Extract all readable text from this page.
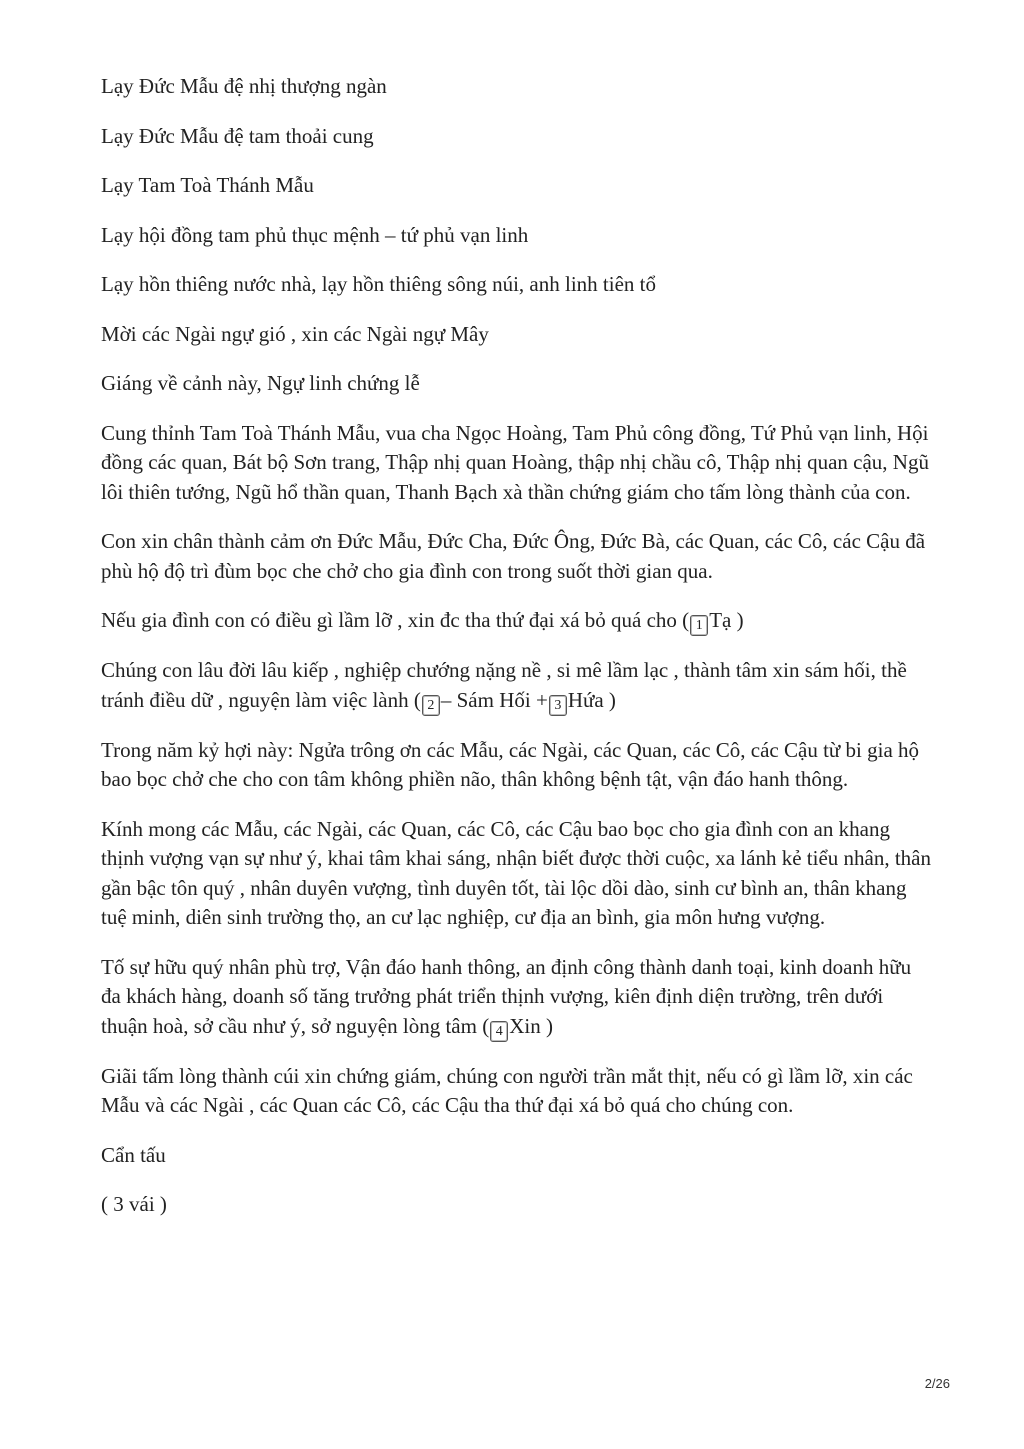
Lạy Đức Mẫu đệ nhị thượng ngàn

Lạy Đức Mẫu đệ tam thoải cung

Lạy Tam Toà Thánh Mẫu

Lạy hội đồng tam phủ thục mệnh – tứ phủ vạn linh

Lạy hồn thiêng nước nhà, lạy hồn thiêng sông núi, anh linh tiên tổ

Mời các Ngài ngự gió , xin các Ngài ngự Mây

Giáng về cảnh này, Ngự linh chứng lễ

Cung thỉnh Tam Toà Thánh Mẫu, vua cha Ngọc Hoàng, Tam Phủ công đồng, Tứ Phủ vạn linh, Hội đồng các quan, Bát bộ Sơn trang, Thập nhị quan Hoàng, thập nhị chầu cô, Thập nhị quan cậu, Ngũ lôi thiên tướng, Ngũ hổ thần quan, Thanh Bạch xà thần chứng giám cho tấm lòng thành của con.

Con xin chân thành cảm ơn Đức Mẫu, Đức Cha, Đức Ông, Đức Bà, các Quan, các Cô, các Cậu đã phù hộ độ trì đùm bọc che chở cho gia đình con trong suốt thời gian qua.

Nếu gia đình con có điều gì lầm lỡ , xin đc tha thứ đại xá bỏ quá cho ( 1 Tạ )

Chúng con lâu đời lâu kiếp , nghiệp chướng nặng nề , si mê lầm lạc , thành tâm xin sám hối, thề tránh điều dữ , nguyện làm việc lành ( 2 – Sám Hối + 3 Hứa )

Trong năm kỷ hợi này: Ngửa trông ơn các Mẫu, các Ngài, các Quan, các Cô, các Cậu từ bi gia hộ bao bọc chở che cho con tâm không phiền não, thân không bệnh tật, vận đáo hanh thông.

Kính mong các Mẫu, các Ngài, các Quan, các Cô, các Cậu bao bọc cho gia đình con an khang thịnh vượng vạn sự như ý, khai tâm khai sáng, nhận biết được thời cuộc, xa lánh kẻ tiểu nhân, thân gần bậc tôn quý , nhân duyên vượng, tình duyên tốt, tài lộc dồi dào, sinh cư bình an, thân khang tuệ minh, diên sinh trường thọ, an cư lạc nghiệp, cư địa an bình, gia môn hưng vượng.

Tố sự hữu quý nhân phù trợ, Vận đáo hanh thông, an định công thành danh toại, kinh doanh hữu đa khách hàng, doanh số tăng trưởng phát triển thịnh vượng, kiên định diện trường, trên dưới thuận hoà, sở cầu như ý, sở nguyện lòng tâm ( 4 Xin )

Giãi tấm lòng thành cúi xin chứng giám, chúng con người trần mắt thịt, nếu có gì lầm lỡ, xin các Mẫu và các Ngài , các Quan các Cô, các Cậu tha thứ đại xá bỏ quá cho chúng con.

Cẩn tấu

( 3 vái )

2/26
